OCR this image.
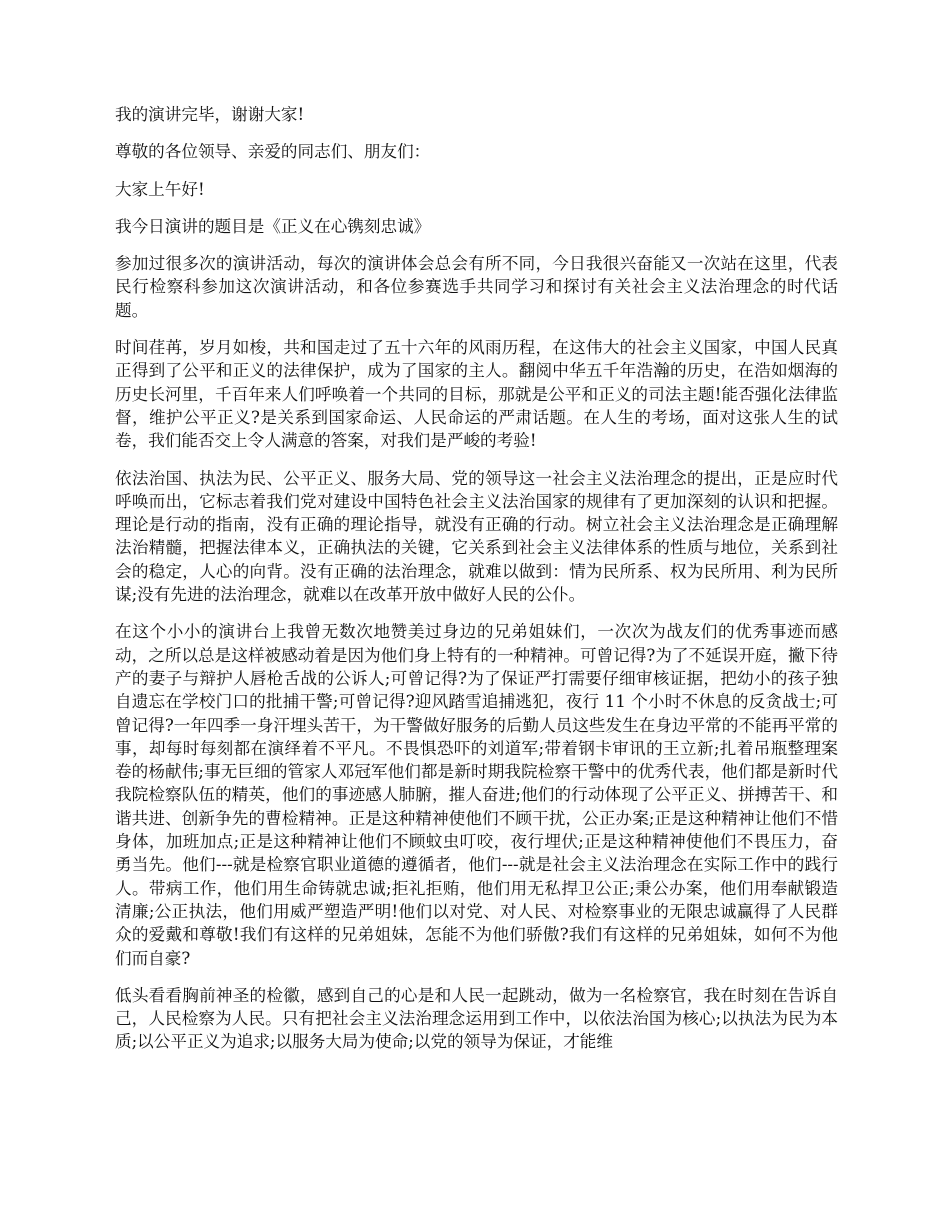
我的演讲完毕，谢谢大家!

尊敬的各位领导、亲爱的同志们、朋友们：

大家上午好!

我今日演讲的题目是《正义在心镌刻忠诚》

参加过很多次的演讲活动，每次的演讲体会总会有所不同，今日我很兴奋能又一次站在这里，代表民行检察科参加这次演讲活动，和各位参赛选手共同学习和探讨有关社会主义法治理念的时代话题。

时间荏苒，岁月如梭，共和国走过了五十六年的风雨历程，在这伟大的社会主义国家，中国人民真正得到了公平和正义的法律保护，成为了国家的主人。翻阅中华五千年浩瀚的历史，在浩如烟海的历史长河里，千百年来人们呼唤着一个共同的目标，那就是公平和正义的司法主题!能否强化法律监督，维护公平正义?是关系到国家命运、人民命运的严肃话题。在人生的考场，面对这张人生的试卷，我们能否交上令人满意的答案，对我们是严峻的考验!

依法治国、执法为民、公平正义、服务大局、党的领导这一社会主义法治理念的提出，正是应时代呼唤而出，它标志着我们党对建设中国特色社会主义法治国家的规律有了更加深刻的认识和把握。理论是行动的指南，没有正确的理论指导，就没有正确的行动。树立社会主义法治理念是正确理解法治精髓，把握法律本义，正确执法的关键，它关系到社会主义法律体系的性质与地位，关系到社会的稳定，人心的向背。没有正确的法治理念，就难以做到：情为民所系、权为民所用、利为民所谋;没有先进的法治理念，就难以在改革开放中做好人民的公仆。

在这个小小的演讲台上我曾无数次地赞美过身边的兄弟姐妹们，一次次为战友们的优秀事迹而感动，之所以总是这样被感动着是因为他们身上特有的一种精神。可曾记得?为了不延误开庭，撇下待产的妻子与辩护人唇枪舌战的公诉人;可曾记得?为了保证严打需要仔细审核证据，把幼小的孩子独自遗忘在学校门口的批捕干警;可曾记得?迎风踏雪追捕逃犯，夜行 11 个小时不休息的反贪战士;可曾记得?一年四季一身汗埋头苦干，为干警做好服务的后勤人员这些发生在身边平常的不能再平常的事，却每时每刻都在演绎着不平凡。不畏惧恐吓的刘道军;带着钢卡审讯的王立新;扎着吊瓶整理案卷的杨献伟;事无巨细的管家人邓冠军他们都是新时期我院检察干警中的优秀代表，他们都是新时代我院检察队伍的精英，他们的事迹感人肺腑，摧人奋进;他们的行动体现了公平正义、拼搏苦干、和谐共进、创新争先的曹检精神。正是这种精神使他们不顾干扰，公正办案;正是这种精神让他们不惜身体，加班加点;正是这种精神让他们不顾蚊虫叮咬，夜行埋伏;正是这种精神使他们不畏压力，奋勇当先。他们---就是检察官职业道德的遵循者，他们---就是社会主义法治理念在实际工作中的践行人。带病工作，他们用生命铸就忠诚;拒礼拒贿，他们用无私捍卫公正;秉公办案，他们用奉献锻造清廉;公正执法，他们用威严塑造严明!他们以对党、对人民、对检察事业的无限忠诚赢得了人民群众的爱戴和尊敬!我们有这样的兄弟姐妹，怎能不为他们骄傲?我们有这样的兄弟姐妹，如何不为他们而自豪?

低头看看胸前神圣的检徽，感到自己的心是和人民一起跳动，做为一名检察官，我在时刻在告诉自己，人民检察为人民。只有把社会主义法治理念运用到工作中，以依法治国为核心;以执法为民为本质;以公平正义为追求;以服务大局为使命;以党的领导为保证，才能维
